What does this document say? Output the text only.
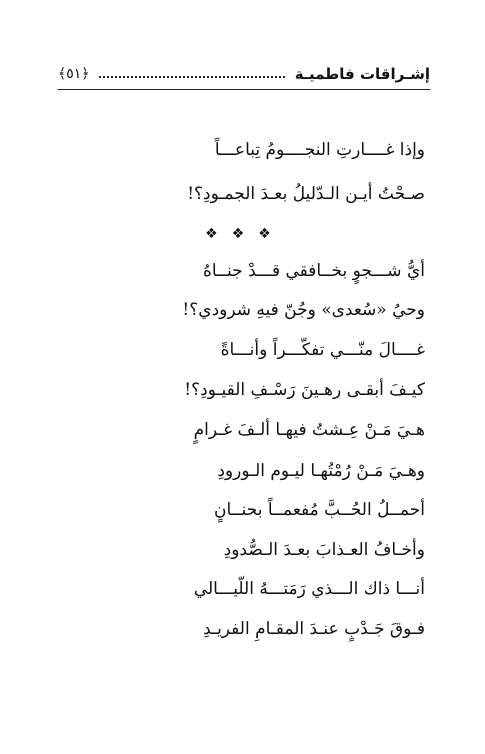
إشـراقات فاطميـة
﴿٥١﴾
وإذا غــــارتِ النجــــومُ تِباعـــاً
صـحْتُ أيـن الـدّليلُ بعـدَ الجمـودِ؟!
❖❖❖
أيُّ شـــجوٍ بخــافقي قـــدْ جنــاهُ
وحيُ «سُعدى» وجُنّ فيهِ شرودي؟!
غــــالَ منّـــي تفكّـــراً وأنـــاةً
كيـفَ أبقـى رهـينَ رَسْـفِ القيـودِ؟!
هـيَ مَـنْ عِـشتُ فيهـا ألـفَ غـرامٍ
وهـيَ مَـنْ رُمْتُهـا ليـوم الـورودِ
أحمــلُ الحُــبَّ مُفعمــاً بحنــانٍ
وأخـافُ العـذابَ بعـدَ الـصُّدودِ
أنـــا ذاك الـــذي رَمَتـــهُ اللّيـــالي
فـوقَ جَـدْبٍ عنـدَ المقـامِ الفريـدِ
